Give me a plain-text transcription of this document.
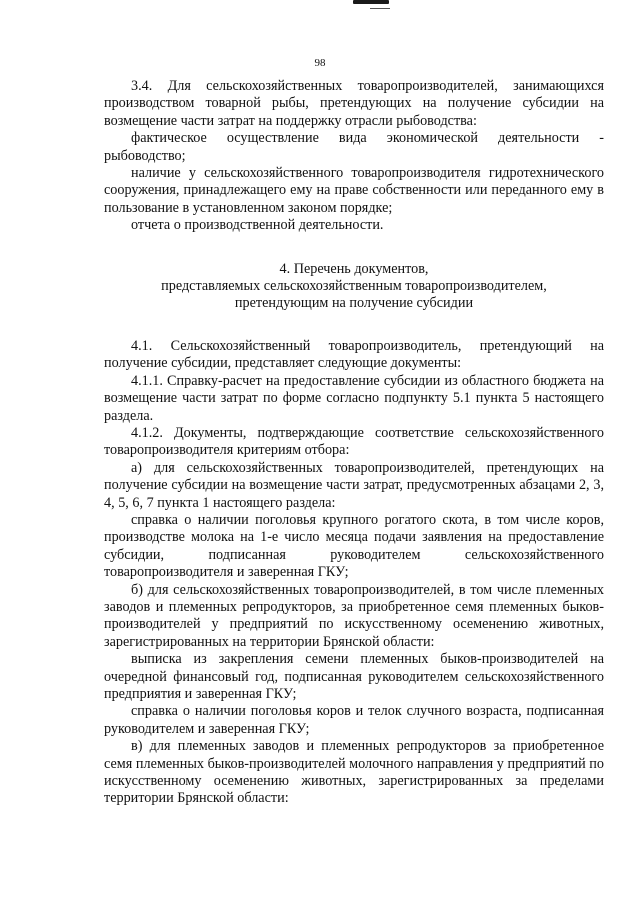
98

3.4. Для сельскохозяйственных товаропроизводителей, занимающихся производством товарной рыбы, претендующих на получение субсидии на возмещение части затрат на поддержку отрасли рыбоводства:

фактическое осуществление вида экономической деятельности - рыбоводство;

наличие у сельскохозяйственного товаропроизводителя гидротехнического сооружения, принадлежащего ему на праве собственности или переданного ему в пользование в установленном законом порядке;

отчета о производственной деятельности.

4. Перечень документов,

представляемых сельскохозяйственным товаропроизводителем,

претендующим на получение субсидии

4.1. Сельскохозяйственный товаропроизводитель, претендующий на получение субсидии, представляет следующие документы:

4.1.1. Справку-расчет на предоставление субсидии из областного бюджета на возмещение части затрат по форме согласно подпункту 5.1 пункта 5 настоящего раздела.

4.1.2. Документы, подтверждающие соответствие сельскохозяйственного товаропроизводителя критериям отбора:

а) для сельскохозяйственных товаропроизводителей, претендующих на получение субсидии на возмещение части затрат, предусмотренных абзацами 2, 3, 4, 5, 6, 7 пункта 1 настоящего раздела:

справка о наличии поголовья крупного рогатого скота, в том числе коров, производстве молока на 1-е число месяца подачи заявления на предоставление субсидии, подписанная руководителем сельскохозяйственного товаропроизводителя и заверенная ГКУ;

б) для сельскохозяйственных товаропроизводителей, в том числе племенных заводов и племенных репродукторов, за приобретенное семя племенных быков-производителей у предприятий по искусственному осеменению животных, зарегистрированных на территории Брянской области:

выписка из закрепления семени племенных быков-производителей на очередной финансовый год, подписанная руководителем сельскохозяйственного предприятия и заверенная ГКУ;

справка о наличии поголовья коров и телок случного возраста, подписанная руководителем и заверенная ГКУ;

в) для племенных заводов и племенных репродукторов за приобретенное семя племенных быков-производителей молочного направления у предприятий по искусственному осеменению животных, зарегистрированных за пределами территории Брянской области:
